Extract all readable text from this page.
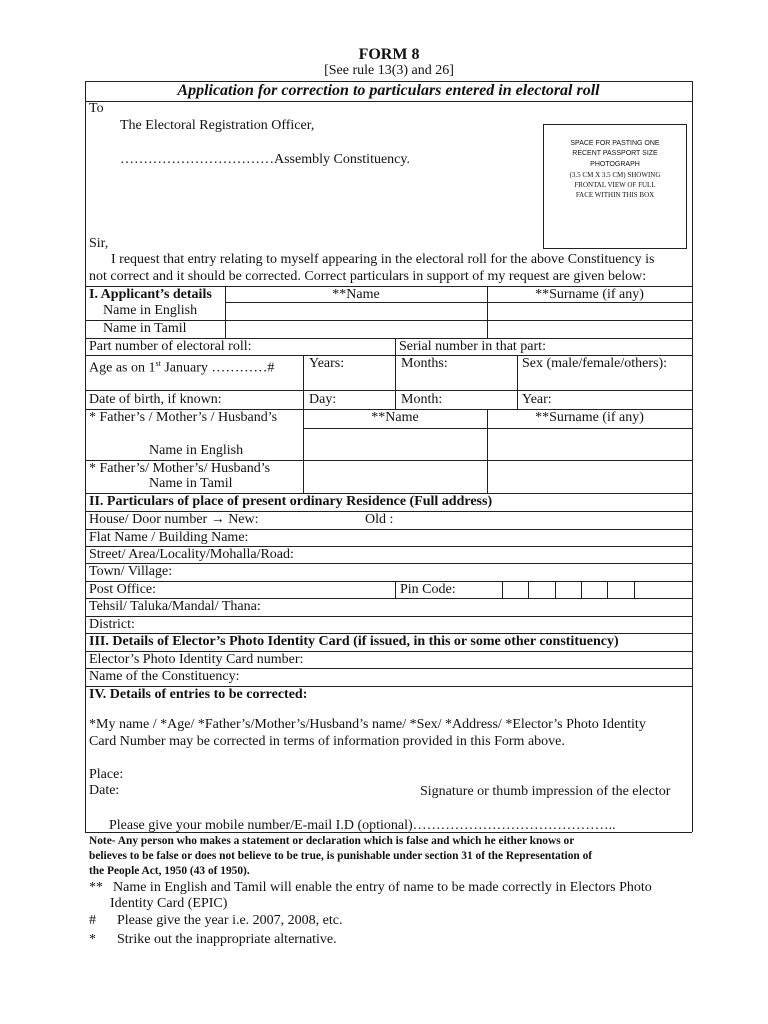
FORM 8
[See rule 13(3) and 26]
Application for correction to particulars entered in electoral roll
To
The Electoral Registration Officer,
……………………………Assembly Constituency.
SPACE FOR PASTING ONE
RECENT PASSPORT SIZE
PHOTOGRAPH
(3.5 CM X 3.5 CM) SHOWING
FRONTAL VIEW OF FULL
FACE WITHIN THIS BOX
Sir,
I request that entry relating to myself appearing in the electoral roll for the above Constituency is
not correct and it should be corrected. Correct particulars in support of my request are given below:
I. Applicant’s details	**Name	**Surname (if any)
Name in English
Name in Tamil
Part number of electoral roll:	Serial number in that part:
Age as on 1st January …………# Years:	Months:	Sex (male/female/others):
Date of birth, if known:	Day:	Month:	Year:
* Father’s / Mother’s / Husband’s	**Name	**Surname (if any)
Name in English
* Father’s/ Mother’s/ Husband’s
Name in Tamil
II. Particulars of place of present ordinary Residence (Full address)
House/ Door number → New:	Old :
Flat Name / Building Name:
Street/ Area/Locality/Mohalla/Road:
Town/ Village:
Post Office:	Pin Code:
Tehsil/ Taluka/Mandal/ Thana:
District:
III. Details of Elector’s Photo Identity Card (if issued, in this or some other constituency)
Elector’s Photo Identity Card number:
Name of the Constituency:
IV. Details of entries to be corrected:
*My name / *Age/ *Father’s/Mother’s/Husband’s name/ *Sex/ *Address/ *Elector’s Photo Identity
Card Number may be corrected in terms of information provided in this Form above.
Place:
Date:	Signature or thumb impression of the elector
Please give your mobile number/E-mail I.D (optional)……………………………………..
Note- Any person who makes a statement or declaration which is false and which he either knows or
believes to be false or does not believe to be true, is punishable under section 31 of the Representation of
the People Act, 1950 (43 of 1950).
** Name in English and Tamil will enable the entry of name to be made correctly in Electors Photo
Identity Card (EPIC)
# Please give the year i.e. 2007, 2008, etc.
* Strike out the inappropriate alternative.
